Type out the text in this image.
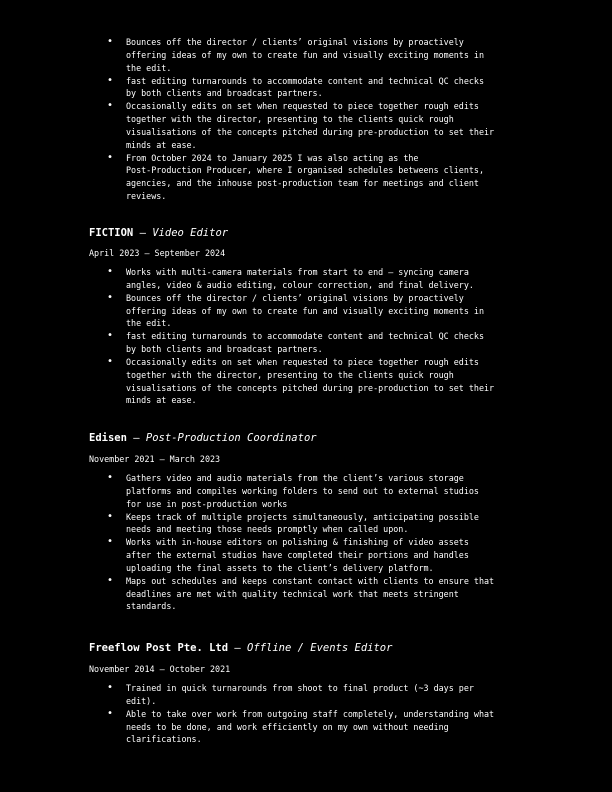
• Bounces off the director / clients’ original visions by proactively
offering ideas of my own to create fun and visually exciting moments in
the edit.
• fast editing turnarounds to accommodate content and technical QC checks
by both clients and broadcast partners.
• Occasionally edits on set when requested to piece together rough edits
together with the director, presenting to the clients quick rough
visualisations of the concepts pitched during pre-production to set their
minds at ease.
• From October 2024 to January 2025 I was also acting as the
Post-Production Producer, where I organised schedules betweens clients,
agencies, and the inhouse post-production team for meetings and client
reviews.
FICTION — Video Editor
April 2023 – September 2024
• Works with multi-camera materials from start to end – syncing camera
angles, video & audio editing, colour correction, and final delivery.
• Bounces off the director / clients’ original visions by proactively
offering ideas of my own to create fun and visually exciting moments in
the edit.
• fast editing turnarounds to accommodate content and technical QC checks
by both clients and broadcast partners.
• Occasionally edits on set when requested to piece together rough edits
together with the director, presenting to the clients quick rough
visualisations of the concepts pitched during pre-production to set their
minds at ease.
Edisen — Post-Production Coordinator
November 2021 – March 2023
• Gathers video and audio materials from the client’s various storage
platforms and compiles working folders to send out to external studios
for use in post-production works
• Keeps track of multiple projects simultaneously, anticipating possible
needs and meeting those needs promptly when called upon.
• Works with in-house editors on polishing & finishing of video assets
after the external studios have completed their portions and handles
uploading the final assets to the client’s delivery platform.
• Maps out schedules and keeps constant contact with clients to ensure that
deadlines are met with quality technical work that meets stringent
standards.
Freeflow Post Pte. Ltd — Offline / Events Editor
November 2014 – October 2021
• Trained in quick turnarounds from shoot to final product (~3 days per
edit).
• Able to take over work from outgoing staff completely, understanding what
needs to be done, and work efficiently on my own without needing
clarifications.
